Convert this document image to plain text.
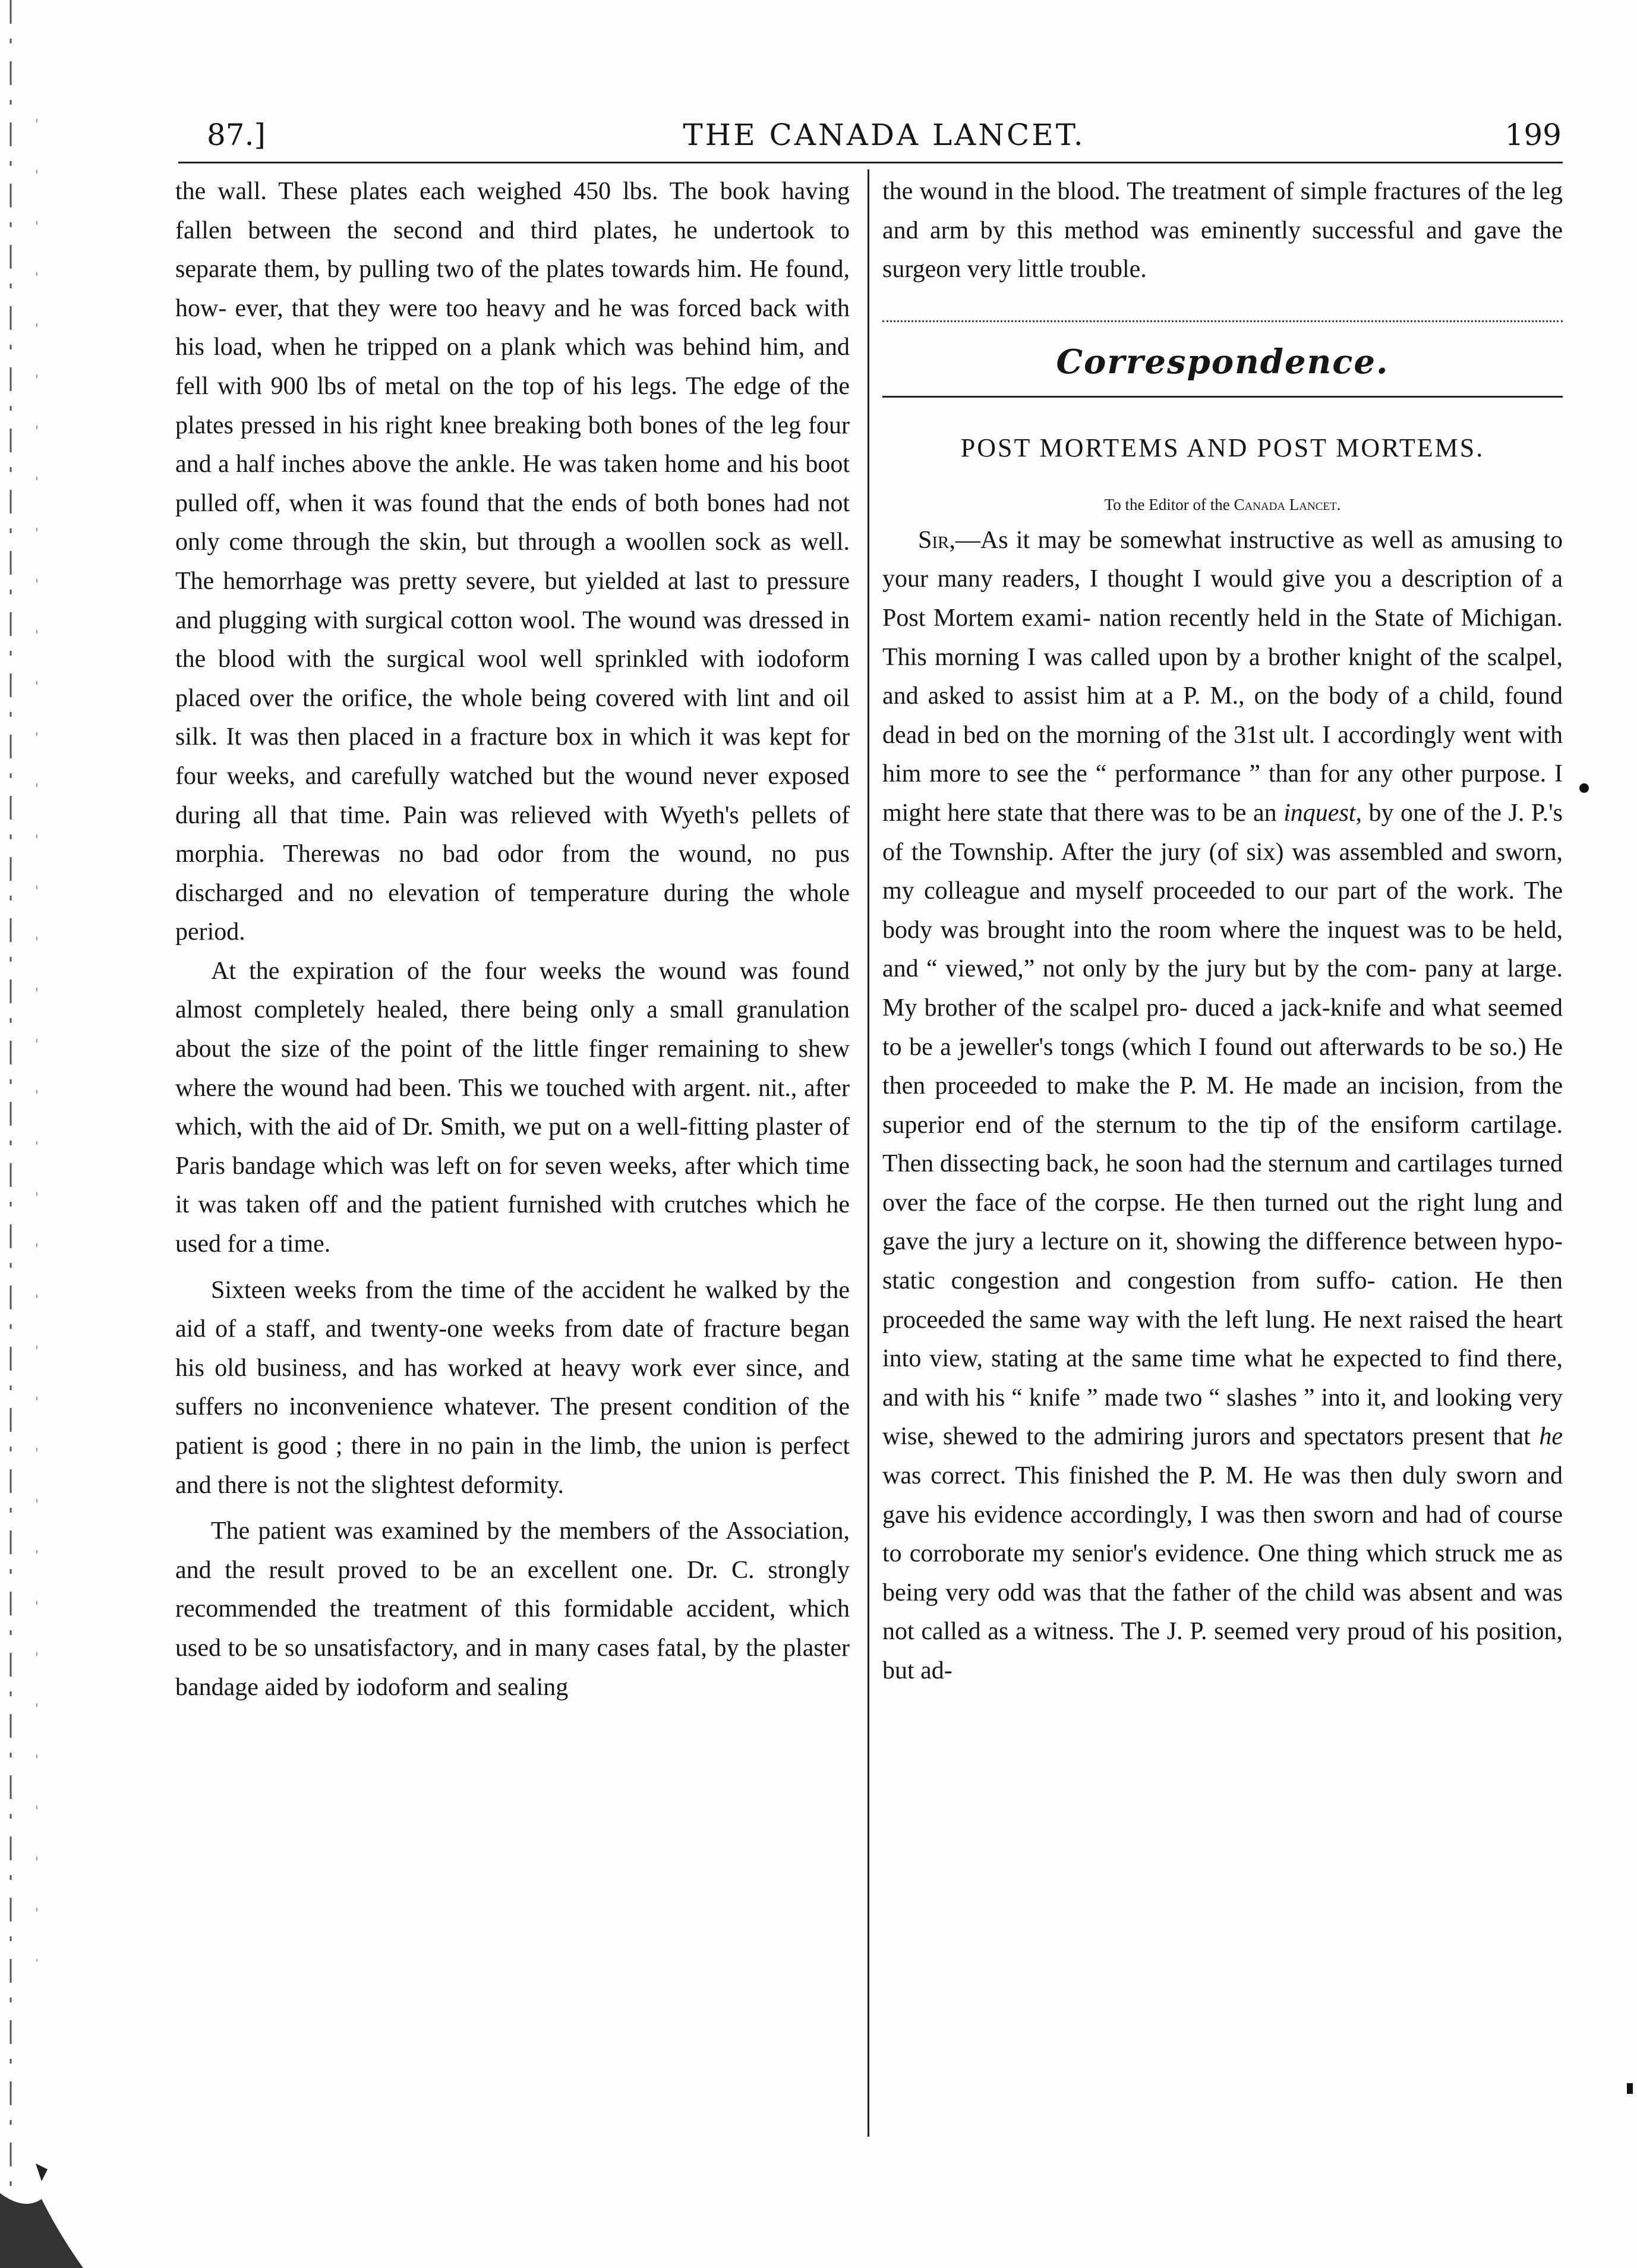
87.]	THE CANADA LANCET.	199

the wall. These plates each weighed 450 lbs. The book having fallen between the second and third plates, he undertook to separate them, by pulling two of the plates towards him. He found, how- ever, that they were too heavy and he was forced back with his load, when he tripped on a plank which was behind him, and fell with 900 lbs of metal on the top of his legs. The edge of the plates pressed in his right knee breaking both bones of the leg four and a half inches above the ankle. He was taken home and his boot pulled off, when it was found that the ends of both bones had not only come through the skin, but through a woollen sock as well. The hemorrhage was pretty severe, but yielded at last to pressure and plugging with surgical cotton wool. The wound was dressed in the blood with the surgical wool well sprinkled with iodoform placed over the orifice, the whole being covered with lint and oil silk. It was then placed in a fracture box in which it was kept for four weeks, and carefully watched but the wound never exposed during all that time. Pain was relieved with Wyeth's pellets of morphia. Therewas no bad odor from the wound, no pus discharged and no elevation of temperature during the whole period.

At the expiration of the four weeks the wound was found almost completely healed, there being only a small granulation about the size of the point of the little finger remaining to shew where the wound had been. This we touched with argent. nit., after which, with the aid of Dr. Smith, we put on a well-fitting plaster of Paris bandage which was left on for seven weeks, after which time it was taken off and the patient furnished with crutches which he used for a time.

Sixteen weeks from the time of the accident he walked by the aid of a staff, and twenty-one weeks from date of fracture began his old business, and has worked at heavy work ever since, and suffers no inconvenience whatever. The present condition of the patient is good ; there in no pain in the limb, the union is perfect and there is not the slightest deformity.

The patient was examined by the members of the Association, and the result proved to be an excellent one. Dr. C. strongly recommended the treatment of this formidable accident, which used to be so unsatisfactory, and in many cases fatal, by the plaster bandage aided by iodoform and sealing

the wound in the blood. The treatment of simple fractures of the leg and arm by this method was eminently successful and gave the surgeon very little trouble.

Correspondence.
POST MORTEMS AND POST MORTEMS.
To the Editor of the Canada Lancet.

Sir,—As it may be somewhat instructive as well as amusing to your many readers, I thought I would give you a description of a Post Mortem exami- nation recently held in the State of Michigan. This morning I was called upon by a brother knight of the scalpel, and asked to assist him at a P. M., on the body of a child, found dead in bed on the morning of the 31st ult. I accordingly went with him more to see the “ performance ” than for any other purpose. I might here state that there was to be an inquest, by one of the J. P.'s of the Township. After the jury (of six) was assembled and sworn, my colleague and myself proceeded to our part of the work. The body was brought into the room where the inquest was to be held, and “ viewed,” not only by the jury but by the com- pany at large. My brother of the scalpel pro- duced a jack-knife and what seemed to be a jeweller's tongs (which I found out afterwards to be so.) He then proceeded to make the P. M. He made an incision, from the superior end of the sternum to the tip of the ensiform cartilage. Then dissecting back, he soon had the sternum and cartilages turned over the face of the corpse. He then turned out the right lung and gave the jury a lecture on it, showing the difference between hypo-static congestion and congestion from suffo- cation. He then proceeded the same way with the left lung. He next raised the heart into view, stating at the same time what he expected to find there, and with his “ knife ” made two “ slashes ” into it, and looking very wise, shewed to the admiring jurors and spectators present that he was correct. This finished the P. M. He was then duly sworn and gave his evidence accordingly, I was then sworn and had of course to corroborate my senior's evidence. One thing which struck me as being very odd was that the father of the child was absent and was not called as a witness. The J. P. seemed very proud of his position, but ad-
